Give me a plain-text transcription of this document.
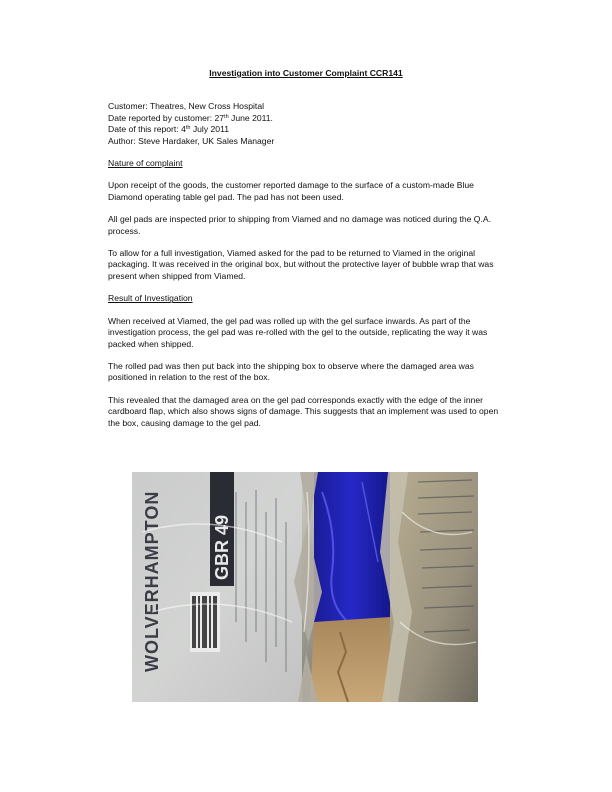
Investigation into Customer Complaint CCR141
Customer: Theatres, New Cross Hospital
Date reported by customer: 27th June 2011.
Date of this report: 4th July 2011
Author: Steve Hardaker, UK Sales Manager
Nature of complaint

Upon receipt of the goods, the customer reported damage to the surface of a custom-made Blue Diamond operating table gel pad. The pad has not been used.

All gel pads are inspected prior to shipping from Viamed and no damage was noticed during the Q.A. process.

To allow for a full investigation, Viamed asked for the pad to be returned to Viamed in the original packaging. It was received in the original box, but without the protective layer of bubble wrap that was present when shipped from Viamed.

Result of Investigation

When received at Viamed, the gel pad was rolled up with the gel surface inwards. As part of the investigation process, the gel pad was re-rolled with the gel to the outside, replicating the way it was packed when shipped.

The rolled pad was then put back into the shipping box to observe where the damaged area was positioned in relation to the rest of the box.

This revealed that the damaged area on the gel pad corresponds exactly with the edge of the inner cardboard flap, which also shows signs of damage. This suggests that an implement was used to open the box, causing damage to the gel pad.

WOLVERHAMPTON	GBR 49
